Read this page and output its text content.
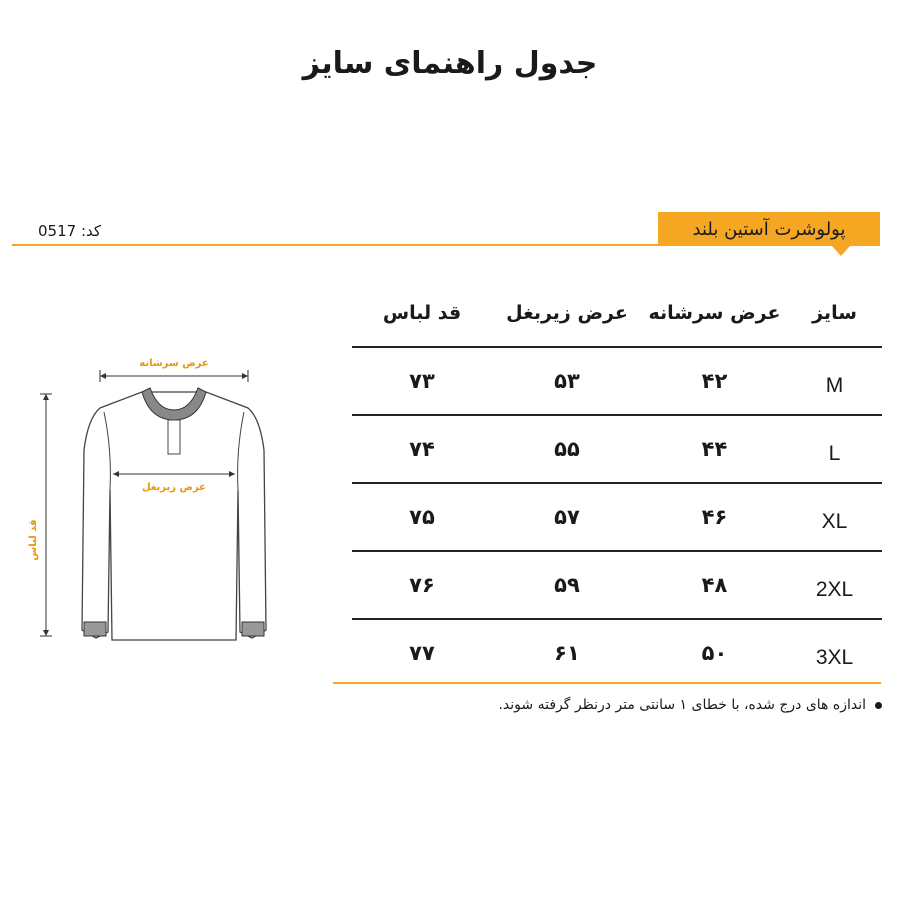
جدول راهنمای سایز
کد: 0517	پولوشرت آستین بلند
عرض سرشانه
عرض زیربغل
قد لباس
سایز
عرض سرشانه
عرض زیربغل
قد لباس
M
۴۲
۵۳
۷۳
L
۴۴
۵۵
۷۴
XL
۴۶
۵۷
۷۵
2XL
۴۸
۵۹
۷۶
3XL
۵۰
۶۱
۷۷
اندازه های درج شده، با خطای ۱ سانتی متر درنظر گرفته شوند.
